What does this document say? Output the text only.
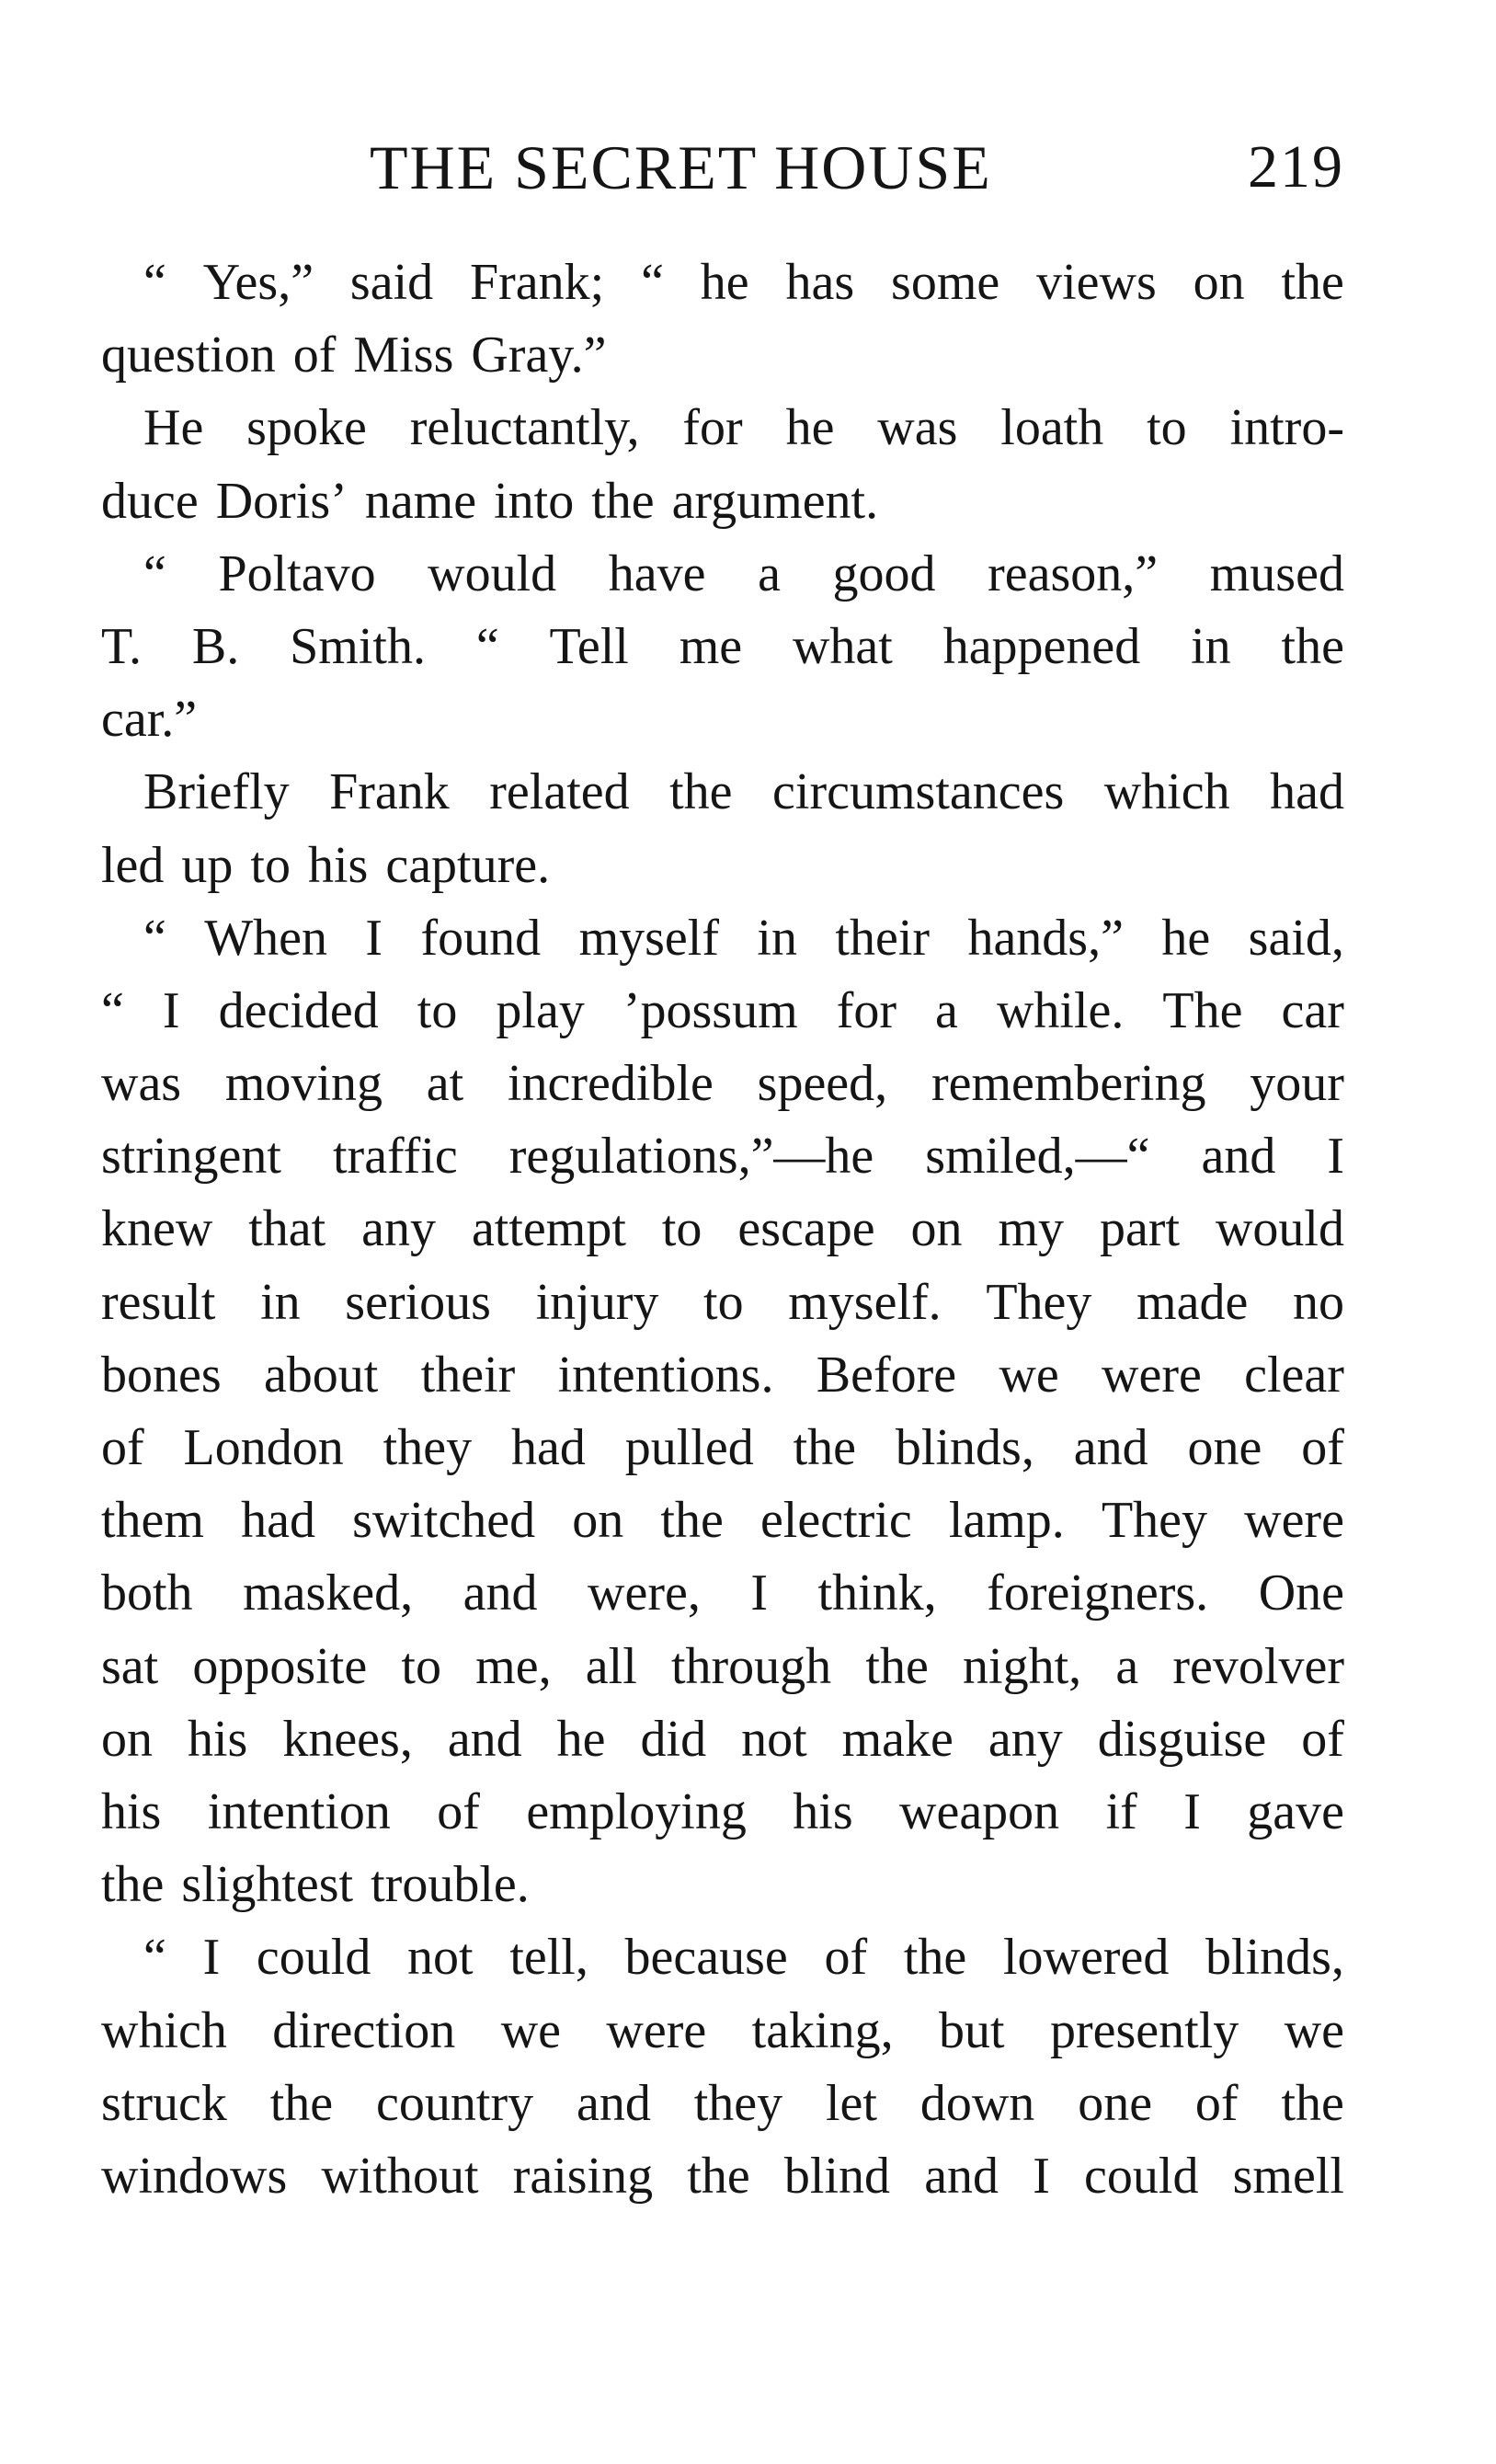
THE SECRET HOUSE	219
“ Yes,” said Frank; “ he has some views on the
question of Miss Gray.”
He spoke reluctantly, for he was loath to intro-
duce Doris’ name into the argument.
“ Poltavo would have a good reason,” mused
T. B. Smith. “ Tell me what happened in the
car.”
Briefly Frank related the circumstances which had
led up to his capture.
“ When I found myself in their hands,” he said,
“ I decided to play ’possum for a while. The car
was moving at incredible speed, remembering your
stringent traffic regulations,”—he smiled,—“ and I
knew that any attempt to escape on my part would
result in serious injury to myself. They made no
bones about their intentions. Before we were clear
of London they had pulled the blinds, and one of
them had switched on the electric lamp. They were
both masked, and were, I think, foreigners. One
sat opposite to me, all through the night, a revolver
on his knees, and he did not make any disguise of
his intention of employing his weapon if I gave
the slightest trouble.
“ I could not tell, because of the lowered blinds,
which direction we were taking, but presently we
struck the country and they let down one of the
windows without raising the blind and I could smell
